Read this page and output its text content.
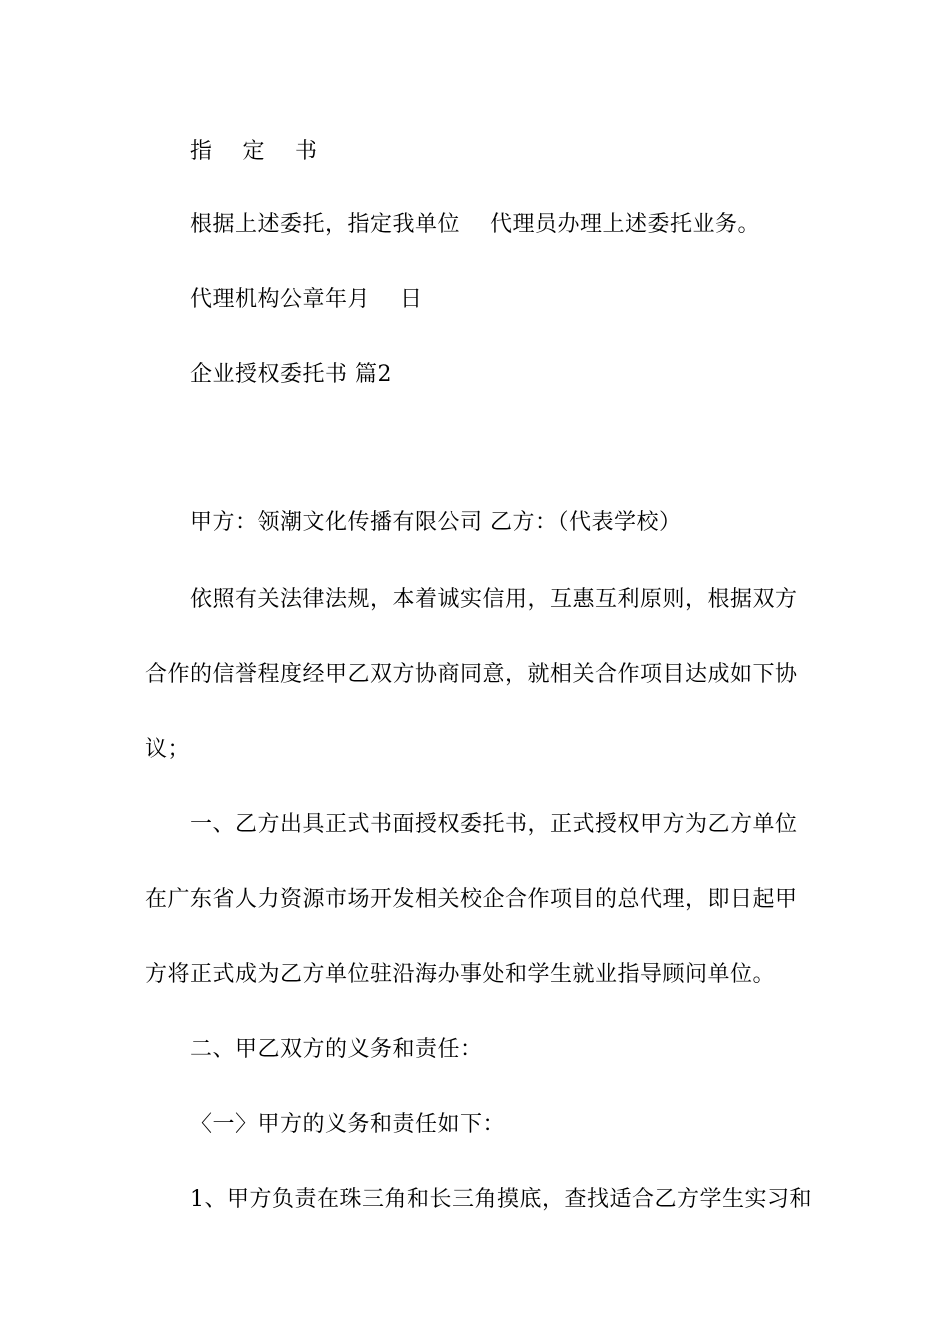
指    定    书
根据上述委托，指定我单位    代理员办理上述委托业务。
代理机构公章年月    日
企业授权委托书 篇2
甲方：领潮文化传播有限公司 乙方：（代表学校）
依照有关法律法规，本着诚实信用，互惠互利原则，根据双方
合作的信誉程度经甲乙双方协商同意，就相关合作项目达成如下协
议；
一、乙方出具正式书面授权委托书，正式授权甲方为乙方单位
在广东省人力资源市场开发相关校企合作项目的总代理，即日起甲
方将正式成为乙方单位驻沿海办事处和学生就业指导顾问单位。
二、甲乙双方的义务和责任：
〈一〉甲方的义务和责任如下：
1、甲方负责在珠三角和长三角摸底，查找适合乙方学生实习和
